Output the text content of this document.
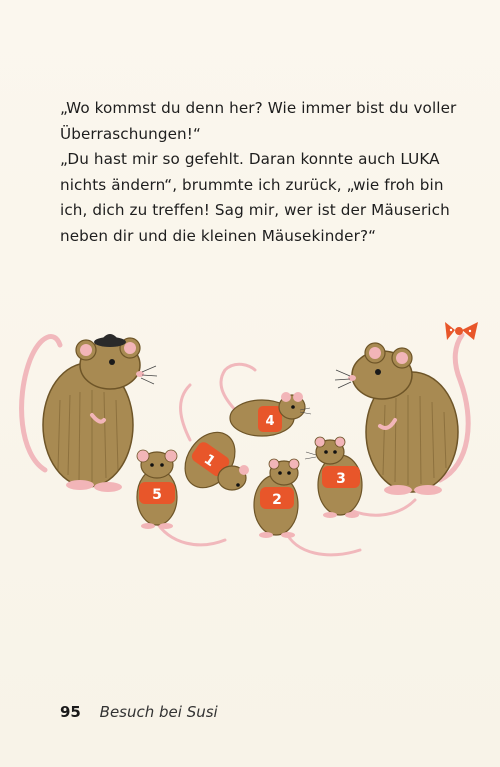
„Wo kommst du denn her? Wie immer bist du voller
Überraschungen!“
„Du hast mir so gefehlt. Daran konnte auch LUKA
nichts ändern“, brummte ich zurück, „wie froh bin
ich, dich zu treffen! Sag mir, wer ist der Mäuserich
neben dir und die kleinen Mäusekinder?“
5
1
4
2
3
95 Besuch bei Susi
